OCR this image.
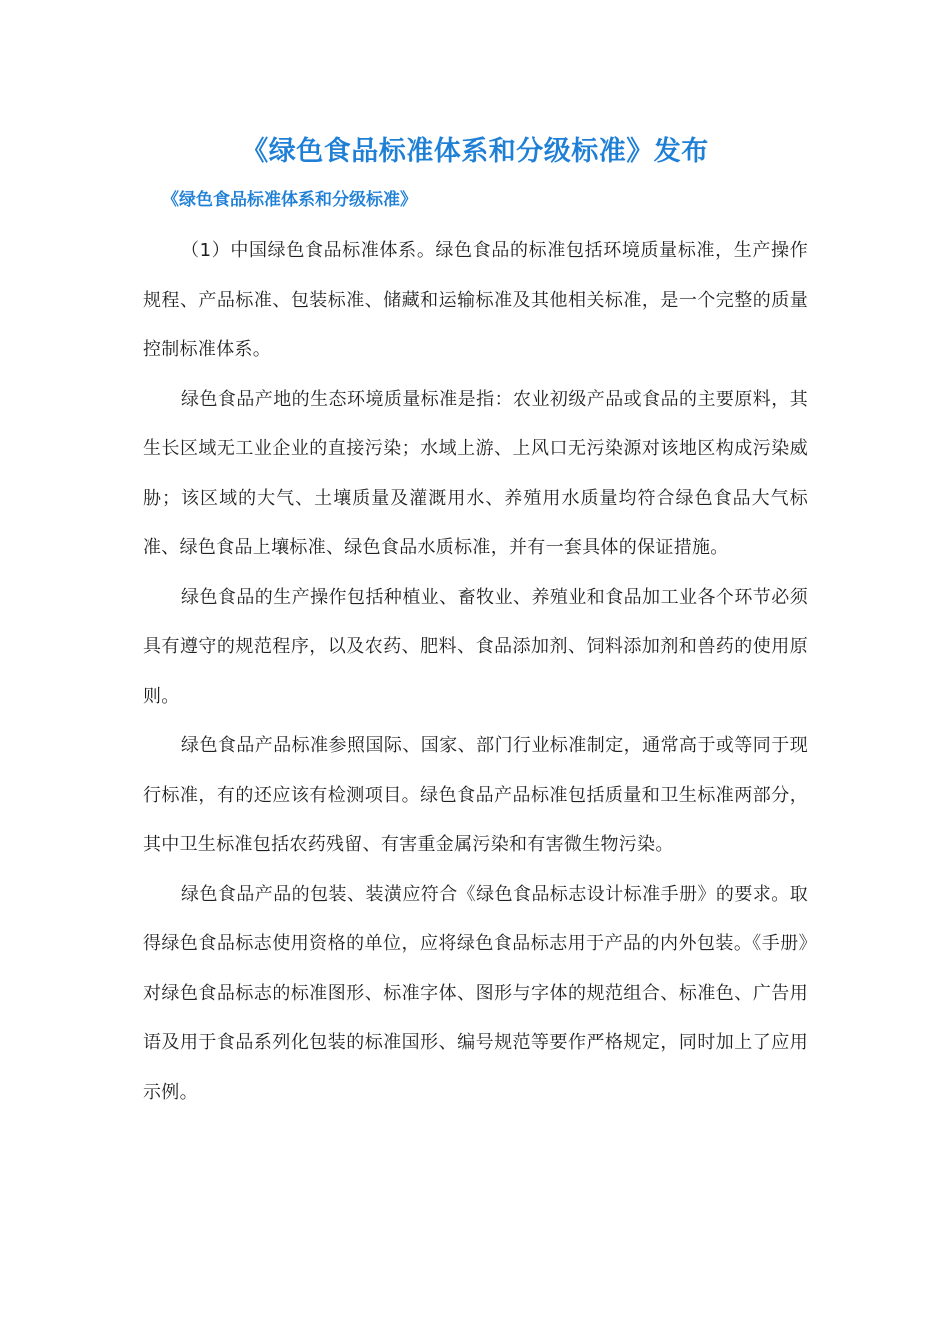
《绿色食品标准体系和分级标准》发布
《绿色食品标准体系和分级标准》

（1）中国绿色食品标准体系。绿色食品的标准包括环境质量标准，生产操作规程、产品标准、包装标准、储藏和运输标准及其他相关标准，是一个完整的质量控制标准体系。

绿色食品产地的生态环境质量标准是指：农业初级产品或食品的主要原料，其生长区域无工业企业的直接污染；水域上游、上风口无污染源对该地区构成污染威胁；该区域的大气、土壤质量及灌溉用水、养殖用水质量均符合绿色食品大气标准、绿色食品上壤标准、绿色食品水质标准，并有一套具体的保证措施。

绿色食品的生产操作包括种植业、畜牧业、养殖业和食品加工业各个环节必须具有遵守的规范程序，以及农药、肥料、食品添加剂、饲料添加剂和兽药的使用原则。

绿色食品产品标准参照国际、国家、部门行业标准制定，通常高于或等同于现行标准，有的还应该有检测项目。绿色食品产品标准包括质量和卫生标准两部分，其中卫生标准包括农药残留、有害重金属污染和有害微生物污染。

绿色食品产品的包装、装潢应符合《绿色食品标志设计标准手册》的要求。取得绿色食品标志使用资格的单位，应将绿色食品标志用于产品的内外包装。《手册》对绿色食品标志的标准图形、标准字体、图形与字体的规范组合、标准色、广告用语及用于食品系列化包装的标准国形、编号规范等要作严格规定，同时加上了应用示例。
